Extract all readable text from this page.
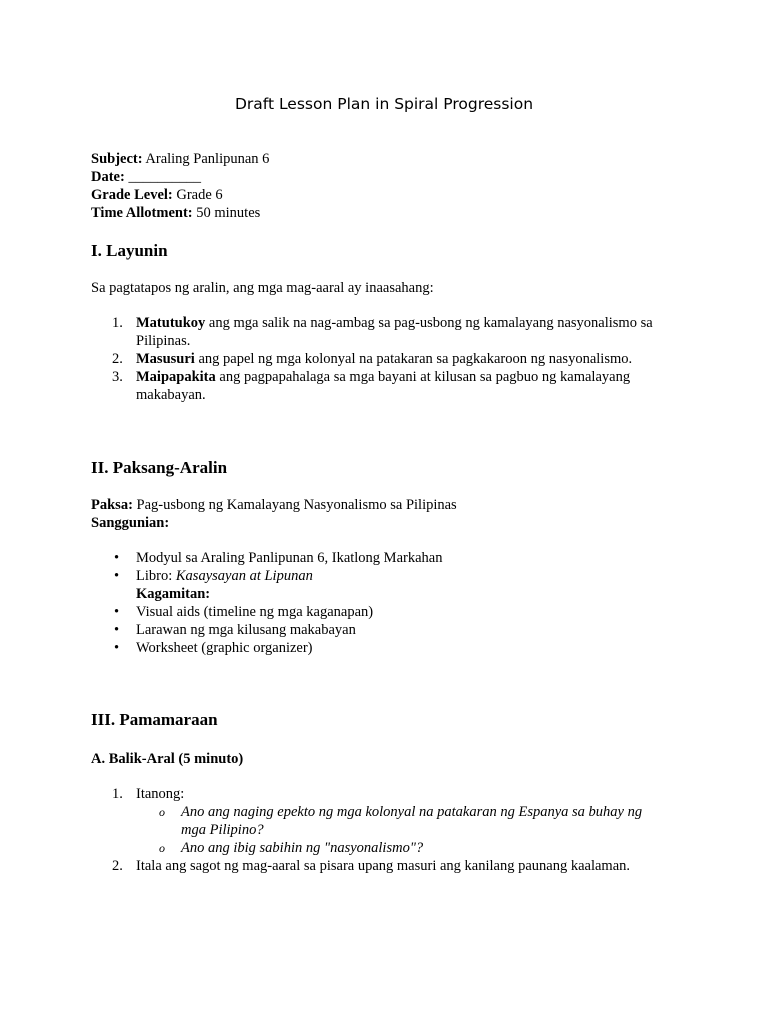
Draft Lesson Plan in Spiral Progression
Subject: Araling Panlipunan 6
Date: __________
Grade Level: Grade 6
Time Allotment: 50 minutes
I. Layunin
Sa pagtatapos ng aralin, ang mga mag-aaral ay inaasahang:
1. Matutukoy ang mga salik na nag-ambag sa pag-usbong ng kamalayang nasyonalismo sa
Pilipinas.
2. Masusuri ang papel ng mga kolonyal na patakaran sa pagkakaroon ng nasyonalismo.
3. Maipapakita ang pagpapahalaga sa mga bayani at kilusan sa pagbuo ng kamalayang
makabayan.
II. Paksang-Aralin
Paksa: Pag-usbong ng Kamalayang Nasyonalismo sa Pilipinas
Sanggunian:
• Modyul sa Araling Panlipunan 6, Ikatlong Markahan
• Libro: Kasaysayan at Lipunan
Kagamitan:
• Visual aids (timeline ng mga kaganapan)
• Larawan ng mga kilusang makabayan
• Worksheet (graphic organizer)
III. Pamamaraan
A. Balik-Aral (5 minuto)
1. Itanong:
o Ano ang naging epekto ng mga kolonyal na patakaran ng Espanya sa buhay ng
mga Pilipino?
o Ano ang ibig sabihin ng "nasyonalismo"?
2. Itala ang sagot ng mag-aaral sa pisara upang masuri ang kanilang paunang kaalaman.
